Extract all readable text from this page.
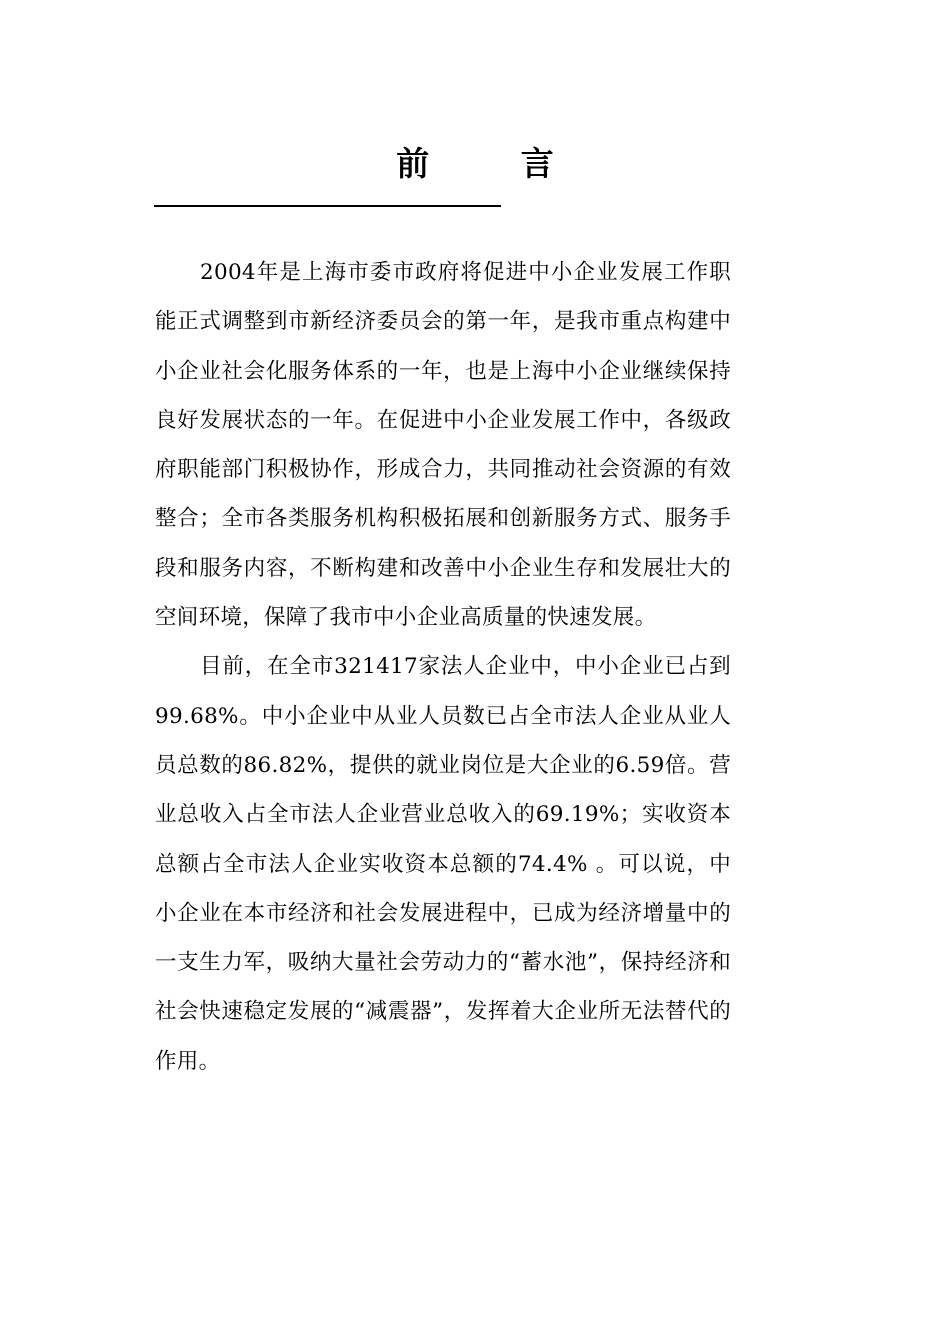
前 言

2004年是上海市委市政府将促进中小企业发展工作职能正式调整到市新经济委员会的第一年，是我市重点构建中小企业社会化服务体系的一年，也是上海中小企业继续保持良好发展状态的一年。在促进中小企业发展工作中，各级政府职能部门积极协作，形成合力，共同推动社会资源的有效整合；全市各类服务机构积极拓展和创新服务方式、服务手段和服务内容，不断构建和改善中小企业生存和发展壮大的空间环境，保障了我市中小企业高质量的快速发展。

目前，在全市321417家法人企业中，中小企业已占到99.68%。中小企业中从业人员数已占全市法人企业从业人员总数的86.82%，提供的就业岗位是大企业的6.59倍。营业总收入占全市法人企业营业总收入的69.19%；实收资本总额占全市法人企业实收资本总额的74.4% 。可以说，中小企业在本市经济和社会发展进程中，已成为经济增量中的一支生力军，吸纳大量社会劳动力的“蓄水池”，保持经济和社会快速稳定发展的“减震器”，发挥着大企业所无法替代的作用。
